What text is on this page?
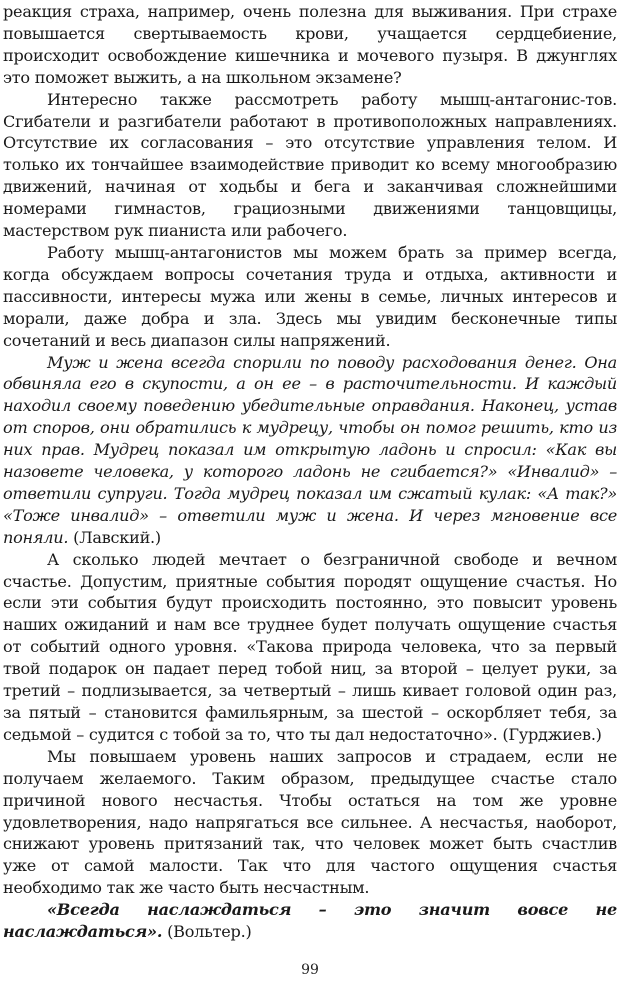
реакция страха, например, очень полезна для выживания. При страхе повышается свертываемость крови, учащается сердцебиение, происходит освобождение кишечника и мочевого пузыря. В джунглях это поможет выжить, а на школьном экзамене?

Интересно также рассмотреть работу мышц-антагонис-тов. Сгибатели и разгибатели работают в противоположных направлениях. Отсутствие их согласования – это отсутствие управления телом. И только их тончайшее взаимодействие приводит ко всему многообразию движений, начиная от ходьбы и бега и заканчивая сложнейшими номерами гимнастов, грациозными движениями танцовщицы, мастерством рук пианиста или рабочего.

Работу мышц-антагонистов мы можем брать за пример всегда, когда обсуждаем вопросы сочетания труда и отдыха, активности и пассивности, интересы мужа или жены в семье, личных интересов и морали, даже добра и зла. Здесь мы увидим бесконечные типы сочетаний и весь диапазон силы напряжений.

Муж и жена всегда спорили по поводу расходования денег. Она обвиняла его в скупости, а он ее – в расточительности. И каждый находил своему поведению убедительные оправдания. Наконец, устав от споров, они обратились к мудрецу, чтобы он помог решить, кто из них прав. Мудрец показал им открытую ладонь и спросил: «Как вы назовете человека, у которого ладонь не сгибается?» «Инвалид» – ответили супруги. Тогда мудрец показал им сжатый кулак: «А так?» «Тоже инвалид» – ответили муж и жена. И через мгновение все поняли. (Лавский.)

А сколько людей мечтает о безграничной свободе и вечном счастье. Допустим, приятные события породят ощущение счастья. Но если эти события будут происходить постоянно, это повысит уровень наших ожиданий и нам все труднее будет получать ощущение счастья от событий одного уровня. «Такова природа человека, что за первый твой подарок он падает перед тобой ниц, за второй – целует руки, за третий – подлизывается, за четвертый – лишь кивает головой один раз, за пятый – становится фамильярным, за шестой – оскорбляет тебя, за седьмой – судится с тобой за то, что ты дал недостаточно». (Гурджиев.)

Мы повышаем уровень наших запросов и страдаем, если не получаем желаемого. Таким образом, предыдущее счастье стало причиной нового несчастья. Чтобы остаться на том же уровне удовлетворения, надо напрягаться все сильнее. А несчастья, наоборот, снижают уровень притязаний так, что человек может быть счастлив уже от самой малости. Так что для частого ощущения счастья необходимо так же часто быть несчастным.

«Всегда наслаждаться – это значит вовсе не наслаждаться». (Вольтер.)

99
